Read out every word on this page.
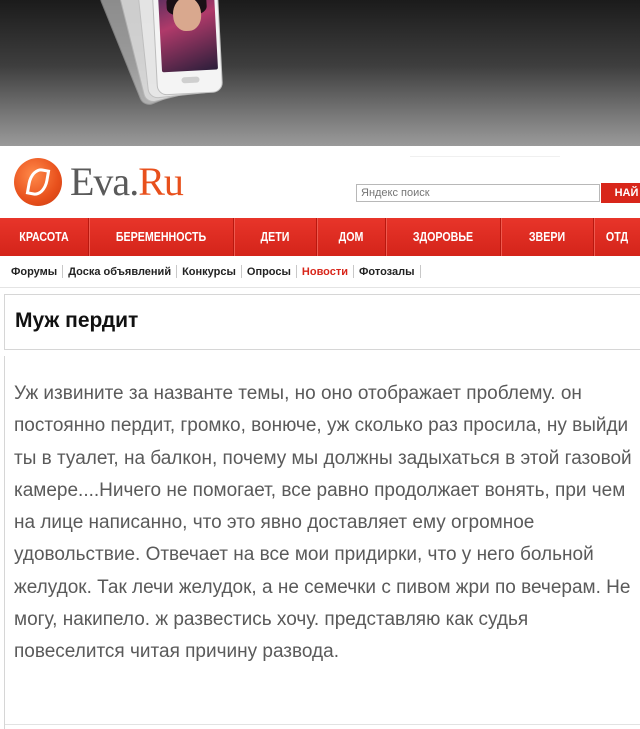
Eva.Ru
Яндекс поиск	НАЙ
КРАСОТА	БЕРЕМЕННОСТЬ	ДЕТИ	ДОМ	ЗДОРОВЬЕ	ЗВЕРИ	ОТД
Форумы	Доска объявлений	Конкурсы	Опросы	Новости	Фотозалы
Муж пердит
Уж извините за названте темы, но оно отображает проблему. он постоянно пердит, громко, вонюче, уж сколько раз просила, ну выйди ты в туалет, на балкон, почему мы должны задыхаться в этой газовой камере....Ничего не помогает, все равно продолжает вонять, при чем на лице написанно, что это явно доставляет ему огромное удовольствие. Отвечает на все мои придирки, что у него больной желудок. Так лечи желудок, а не семечки с пивом жри по вечерам. Не могу, накипело. ж развестись хочу. представляю как судья повеселится читая причину развода.
